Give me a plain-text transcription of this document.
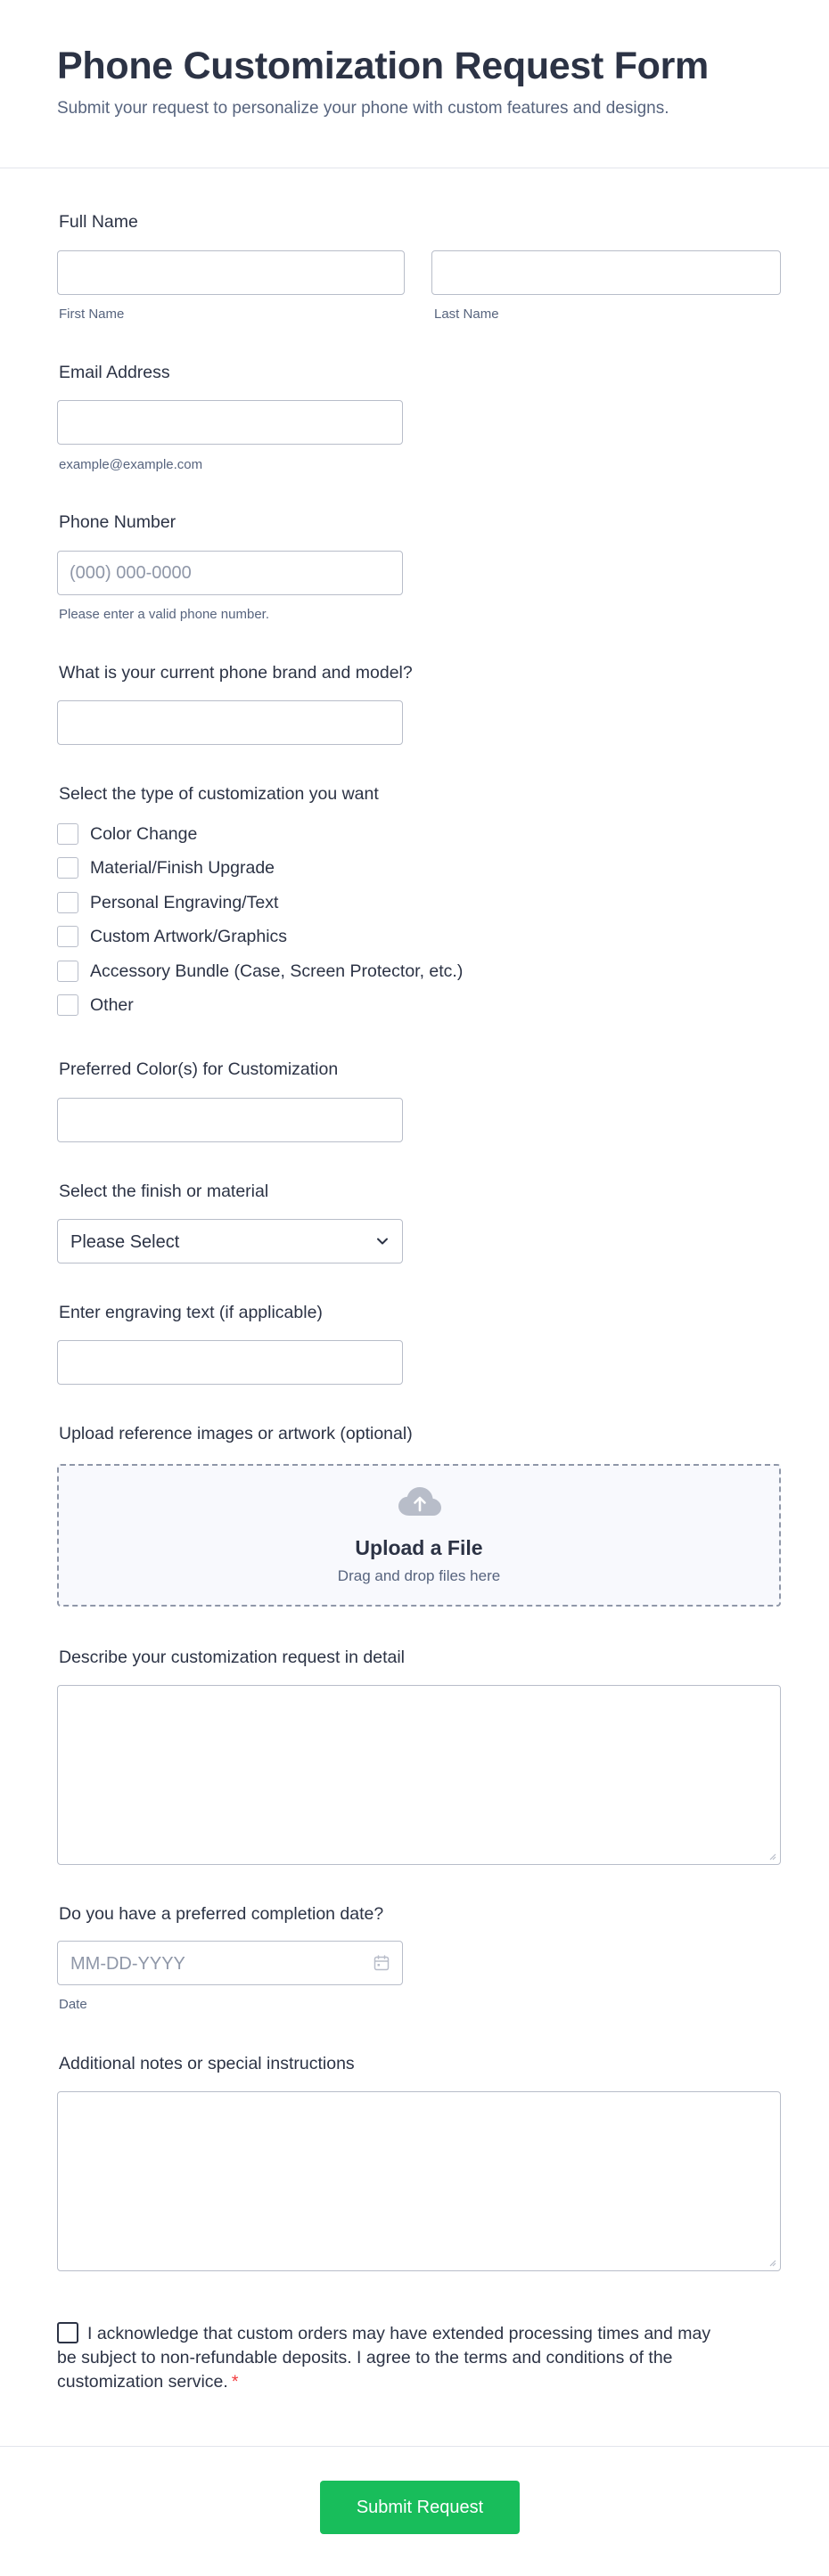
Phone Customization Request Form

Submit your request to personalize your phone with custom features and designs.

Full Name
First Name	Last Name
Email Address
example@example.com
Phone Number
(000) 000-0000
Please enter a valid phone number.
What is your current phone brand and model?
Select the type of customization you want
Color Change
Material/Finish Upgrade
Personal Engraving/Text
Custom Artwork/Graphics
Accessory Bundle (Case, Screen Protector, etc.)
Other
Preferred Color(s) for Customization
Select the finish or material
Please Select
Enter engraving text (if applicable)
Upload reference images or artwork (optional)
Upload a File
Drag and drop files here
Describe your customization request in detail
Do you have a preferred completion date?
MM-DD-YYYY
Date
Additional notes or special instructions
I acknowledge that custom orders may have extended processing times and may be subject to non-refundable deposits. I agree to the terms and conditions of the customization service. *
Submit Request
